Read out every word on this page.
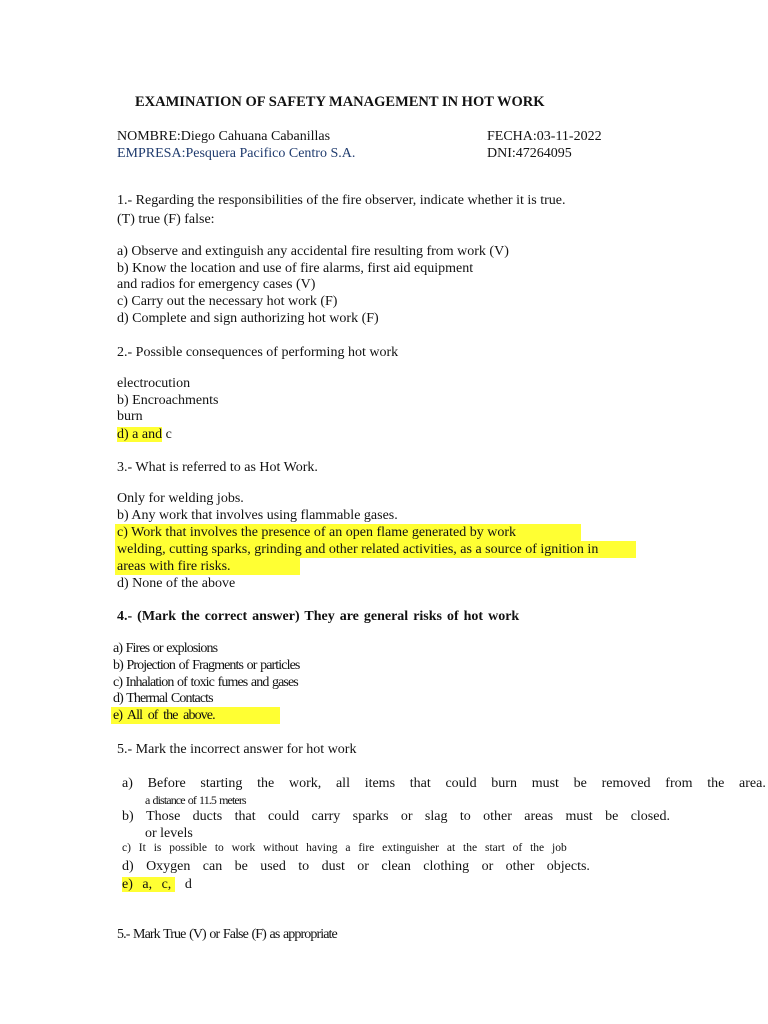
EXAMINATION OF SAFETY MANAGEMENT IN HOT WORK
NOMBRE:Diego Cahuana Cabanillas	FECHA:03-11-2022
EMPRESA:Pesquera Pacifico Centro S.A.	DNI:47264095
1.- Regarding the responsibilities of the fire observer, indicate whether it is true.
(T) true (F) false:
a) Observe and extinguish any accidental fire resulting from work (V)
b) Know the location and use of fire alarms, first aid equipment
and radios for emergency cases (V)
c) Carry out the necessary hot work (F)
d) Complete and sign authorizing hot work (F)
2.- Possible consequences of performing hot work
electrocution
b) Encroachments
burn
d) a and c
3.- What is referred to as Hot Work.
Only for welding jobs.
b) Any work that involves using flammable gases.
c) Work that involves the presence of an open flame generated by work
welding, cutting sparks, grinding and other related activities, as a source of ignition in
areas with fire risks.
d) None of the above
4.- (Mark the correct answer) They are general risks of hot work
a) Fires or explosions
b) Projection of Fragments or particles
c) Inhalation of toxic fumes and gases
d) Thermal Contacts
e) All of the above.
5.- Mark the incorrect answer for hot work
a) Before starting the work, all items that could burn must be removed from the area.
a distance of 11.5 meters
b) Those ducts that could carry sparks or slag to other areas must be closed.
or levels
c) It is possible to work without having a fire extinguisher at the start of the job
d) Oxygen can be used to dust or clean clothing or other objects.
e) a, c, d
5.- Mark True (V) or False (F) as appropriate
